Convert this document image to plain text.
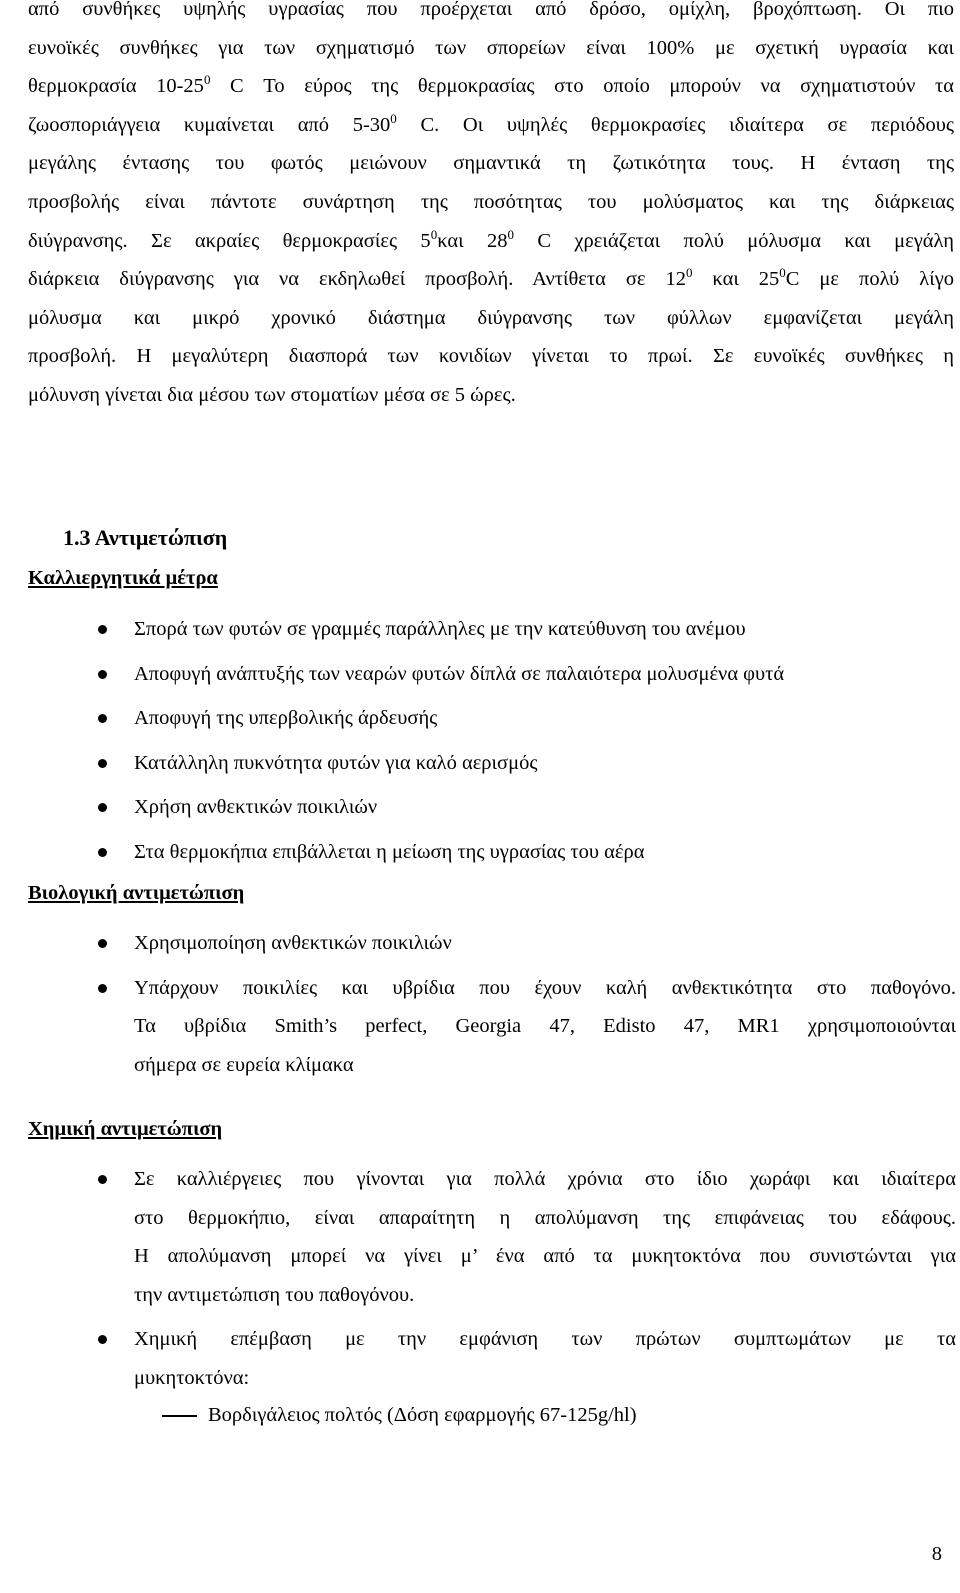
από συνθήκες υψηλής υγρασίας που προέρχεται από δρόσο, ομίχλη, βροχόπτωση. Οι πιο
ευνοϊκές συνθήκες για των σχηματισμό των σπορείων είναι 100% με σχετική υγρασία και
θερμοκρασία $10-25^0$ C Το εύρος της θερμοκρασίας στο οποίο μπορούν να σχηματιστούν τα
ζωοσποριάγγεια κυμαίνεται από $5-30^0$ C. Οι υψηλές θερμοκρασίες ιδιαίτερα σε περιόδους
μεγάλης έντασης του φωτός μειώνουν σημαντικά τη ζωτικότητα τους. Η ένταση της
προσβολής είναι πάντοτε συνάρτηση της ποσότητας του μολύσματος και της διάρκειας
διύγρανσης. Σε ακραίες θερμοκρασίες $5^0\kappa\alpha\iota$ $28^0$ C χρειάζεται πολύ μόλυσμα και μεγάλη
διάρκεια διύγρανσης για να εκδηλωθεί προσβολή. Αντίθετα σε $12^0$ και $25^0C$ με πολύ λίγο
μόλυσμα και μικρό χρονικό διάστημα διύγρανσης των φύλλων εμφανίζεται μεγάλη
προσβολή. Η μεγαλύτερη διασπορά των κονιδίων γίνεται το πρωί. Σε ευνοϊκές συνθήκες η
μόλυνση γίνεται δια μέσου των στοματίων μέσα σε 5 ώρες.

1.3 Αντιμετώπιση

Καλλιεργητικά μέτρα

Σπορά των φυτών σε γραμμές παράλληλες με την κατεύθυνση του ανέμου
Αποφυγή ανάπτυξής των νεαρών φυτών δίπλά σε παλαιότερα μολυσμένα φυτά
Αποφυγή της υπερβολικής άρδευσής
Κατάλληλη πυκνότητα φυτών για καλό αερισμός
Χρήση ανθεκτικών ποικιλιών
Στα θερμοκήπια επιβάλλεται η μείωση της υγρασίας του αέρα

Βιολογική αντιμετώπιση

Χρησιμοποίηση ανθεκτικών ποικιλιών
Υπάρχουν ποικιλίες και υβρίδια που έχουν καλή ανθεκτικότητα στο παθογόνο.
Τα υβρίδια Smith’s perfect, Georgia 47, Edisto 47, MR1 χρησιμοποιούνται
σήμερα σε ευρεία κλίμακα

Χημική αντιμετώπιση

Σε καλλιέργειες που γίνονται για πολλά χρόνια στο ίδιο χωράφι και ιδιαίτερα
στο θερμοκήπιο, είναι απαραίτητη η απολύμανση της επιφάνειας του εδάφους.
Η απολύμανση μπορεί να γίνει μ’ ένα από τα μυκητοκτόνα που συνιστώνται για
την αντιμετώπιση του παθογόνου.
Χημική επέμβαση με την εμφάνιση των πρώτων συμπτωμάτων με τα
μυκητοκτόνα:
Βορδιγάλειος πολτός (Δόση εφαρμογής 67-125g/hl)

8
